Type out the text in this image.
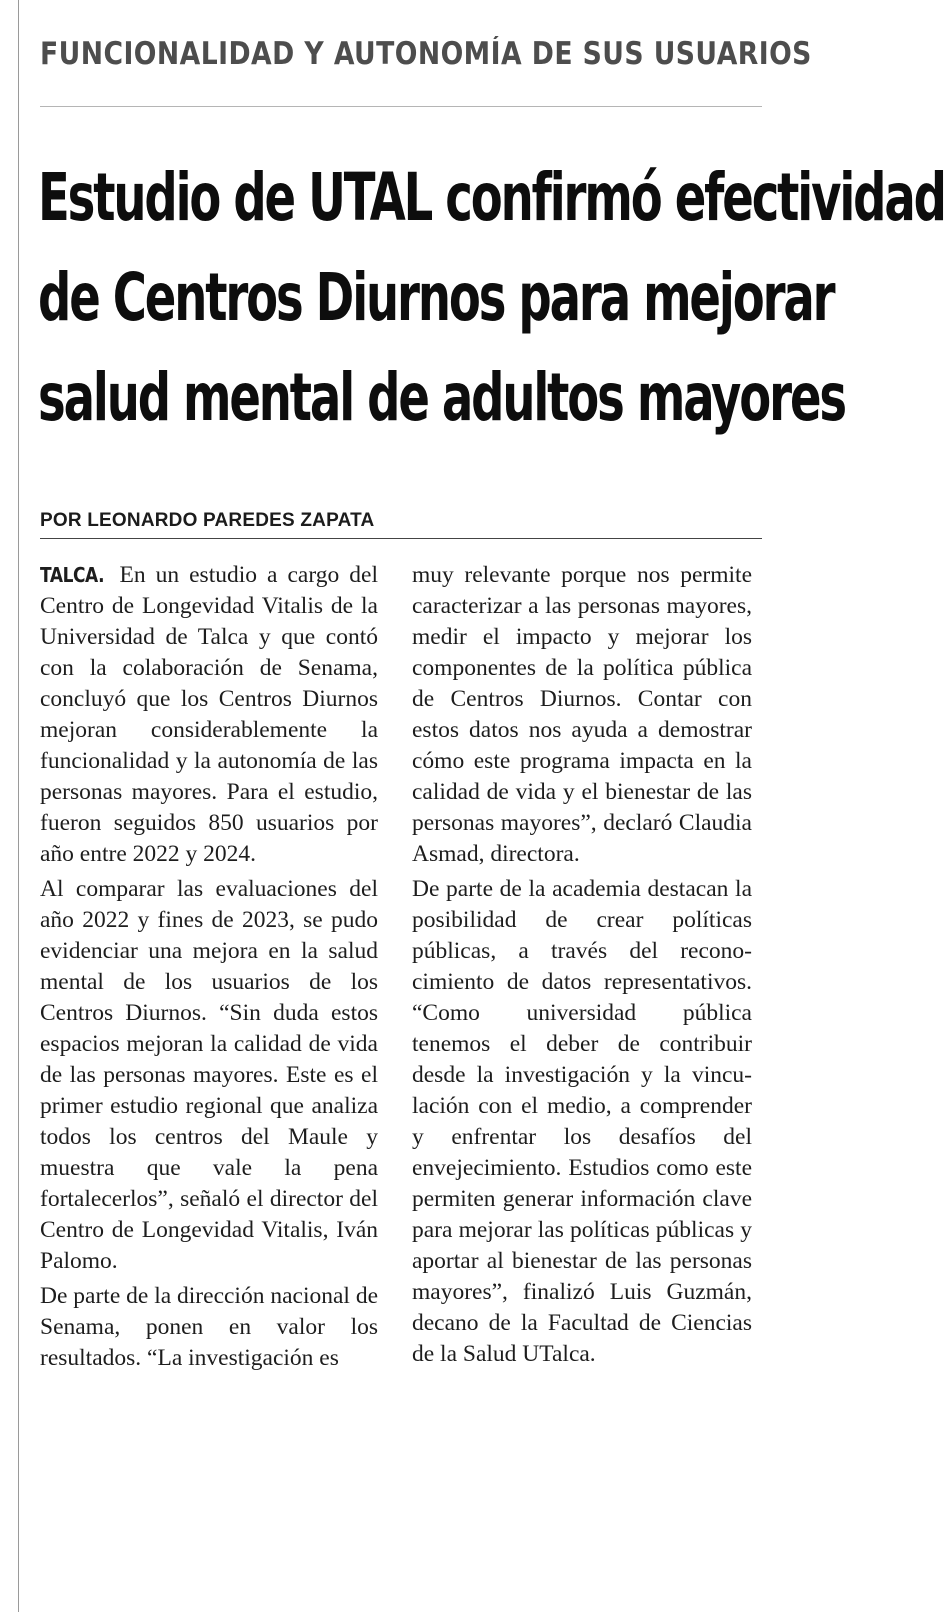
FUNCIONALIDAD Y AUTONOMÍA DE SUS USUARIOS
Estudio de UTAL confirmó efectividad
de Centros Diurnos para mejorar
salud mental de adultos mayores
POR LEONARDO PAREDES ZAPATA

TALCA. En un estudio a cargo del Centro de Longevidad Vitalis de la Universidad de Talca y que contó con la colaboración de Senama, concluyó que los Centros Diurnos mejoran considerablemente la funcionalidad y la autonomía de las personas mayores. Para el estudio, fueron seguidos 850 usuarios por año entre 2022 y 2024.

Al comparar las evaluaciones del año 2022 y fines de 2023, se pudo evidenciar una mejora en la salud mental de los usuarios de los Centros Diurnos. “Sin duda estos espacios mejoran la calidad de vida de las personas mayores. Este es el primer estudio regional que analiza todos los centros del Maule y muestra que vale la pena fortalecerlos”, señaló el director del Centro de Longevidad Vitalis, Iván Palomo.

De parte de la dirección nacional de Senama, ponen en valor los resultados. “La investigación es

muy relevante porque nos permite caracterizar a las personas mayores, medir el impacto y mejorar los componentes de la política pública de Centros Diurnos. Contar con estos datos nos ayuda a demostrar cómo este programa impacta en la calidad de vida y el bienestar de las personas mayores”, declaró Claudia Asmad, directora.

De parte de la academia destacan la posibilidad de crear políticas públicas, a través del reconocimiento de datos representativos. “Como universidad pública tenemos el deber de contribuir desde la investigación y la vinculación con el medio, a comprender y enfrentar los desafíos del envejecimiento. Estudios como este permiten generar información clave para mejorar las políticas públicas y aportar al bienestar de las personas mayores”, finalizó Luis Guzmán, decano de la Facultad de Ciencias de la Salud UTalca.
